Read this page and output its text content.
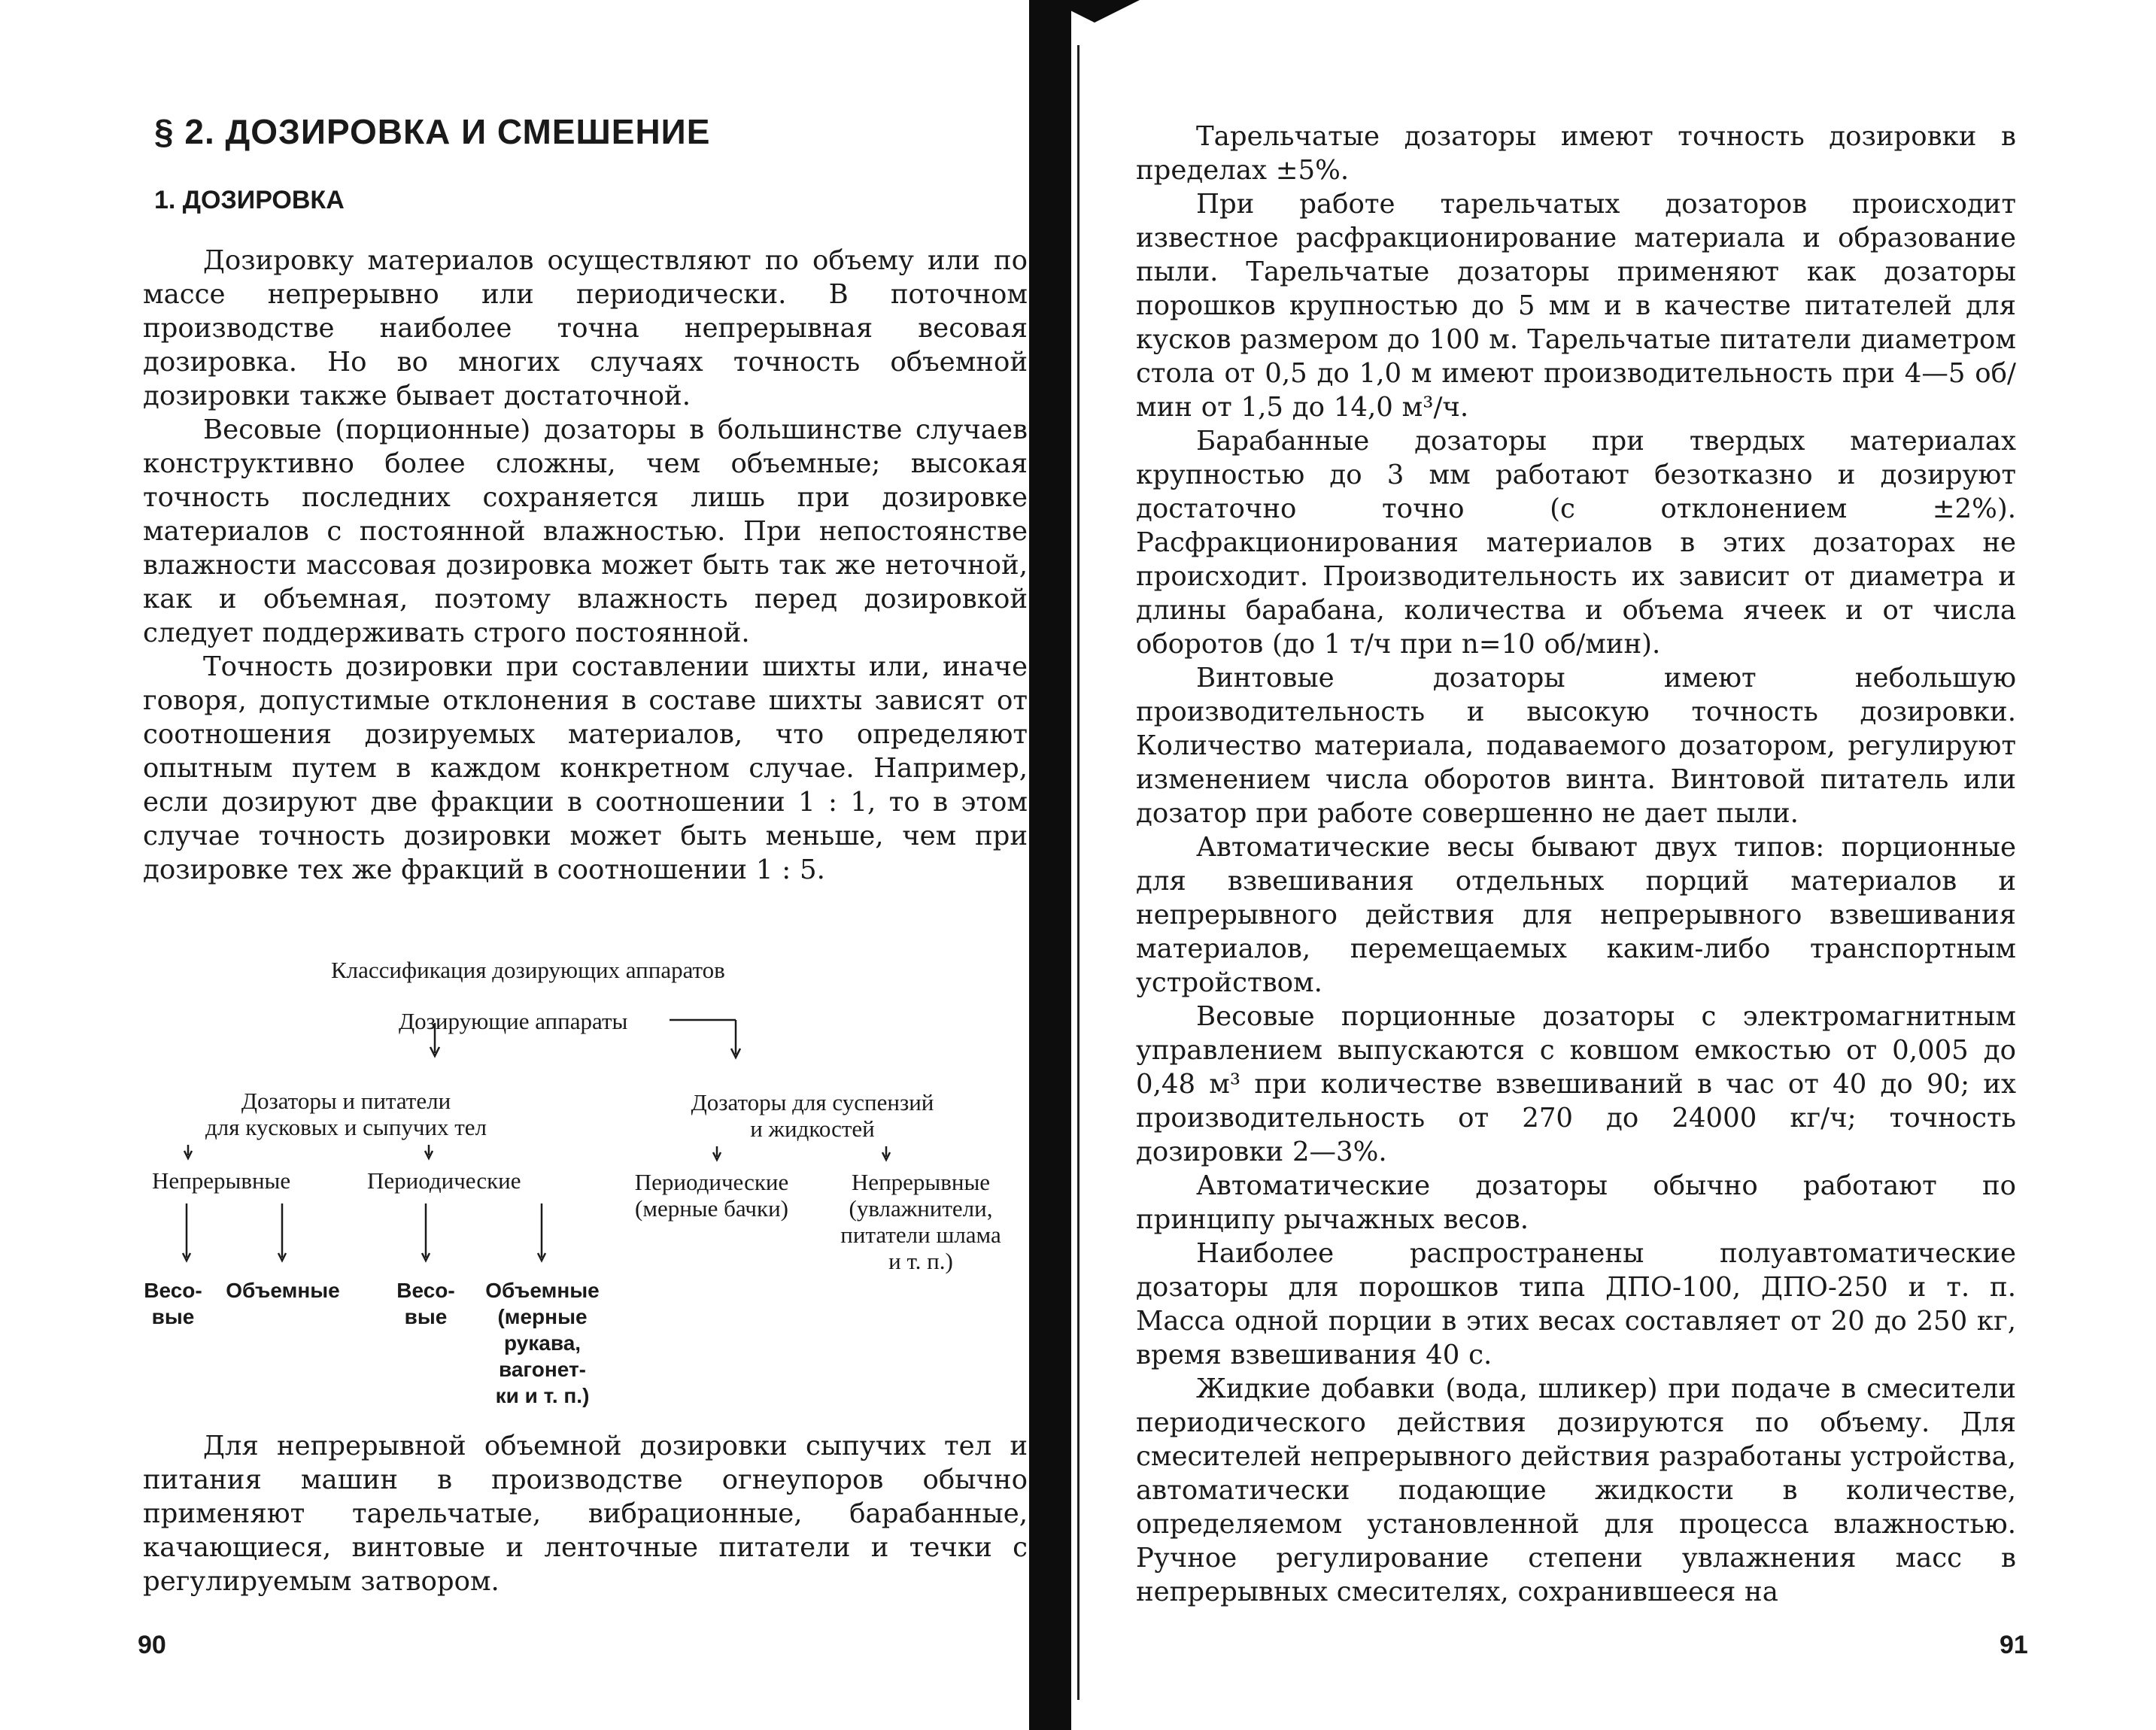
§ 2. ДОЗИРОВКА И СМЕШЕНИЕ
1. ДОЗИРОВКА

Дозировку материалов осуществляют по объему или по массе непрерывно или периодически. В поточном производстве наиболее точна непрерывная весовая дозировка. Но во многих случаях точность объемной дозировки также бывает достаточной.

Весовые (порционные) дозаторы в большинстве случаев конструктивно более сложны, чем объемные; высокая точность последних сохраняется лишь при дозировке материалов с постоянной влажностью. При непостоянстве влажности массовая дозировка может быть так же неточной, как и объемная, поэтому влажность перед дозировкой следует поддерживать строго постоянной.

Точность дозировки при составлении шихты или, иначе говоря, допустимые отклонения в составе шихты зависят от соотношения дозируемых материалов, что определяют опытным путем в каждом конкретном случае. Например, если дозируют две фракции в соотношении 1 : 1, то в этом случае точность дозировки может быть меньше, чем при дозировке тех же фракций в соотношении 1 : 5.

Классификация дозирующих аппаратов
Дозирующие аппараты
Дозаторы и питатели
для кусковых и сыпучих тел
Дозаторы для суспензий
и жидкостей
Непрерывные	Периодические	Периодические
(мерные бачки)
Непрерывные
(увлажнители,
питатели шлама
и т. п.)
Весо-
вые
Объемные	Весо-
вые
Объемные
(мерные
рукава,
вагонет-
ки и т. п.)

Для непрерывной объемной дозировки сыпучих тел и питания машин в производстве огнеупоров обычно применяют тарельчатые, вибрационные, барабанные, качающиеся, винтовые и ленточные питатели и течки с регулируемым затвором.

90

Тарельчатые дозаторы имеют точность дозировки в пределах ±5%.

При работе тарельчатых дозаторов происходит известное расфракционирование материала и образование пыли. Тарельчатые дозаторы применяют как дозаторы порошков крупностью до 5 мм и в качестве питателей для кусков размером до 100 м. Тарельчатые питатели диаметром стола от 0,5 до 1,0 м имеют производительность при 4—5 об/мин от 1,5 до 14,0 м³/ч.

Барабанные дозаторы при твердых материалах крупностью до 3 мм работают безотказно и дозируют достаточно точно (с отклонением ±2%). Расфракционирования материалов в этих дозаторах не происходит. Производительность их зависит от диаметра и длины барабана, количества и объема ячеек и от числа оборотов (до 1 т/ч при n=10 об/мин).

Винтовые дозаторы имеют небольшую производительность и высокую точность дозировки. Количество материала, подаваемого дозатором, регулируют изменением числа оборотов винта. Винтовой питатель или дозатор при работе совершенно не дает пыли.

Автоматические весы бывают двух типов: порционные для взвешивания отдельных порций материалов и непрерывного действия для непрерывного взвешивания материалов, перемещаемых каким-либо транспортным устройством.

Весовые порционные дозаторы с электромагнитным управлением выпускаются с ковшом емкостью от 0,005 до 0,48 м³ при количестве взвешиваний в час от 40 до 90; их производительность от 270 до 24000 кг/ч; точность дозировки 2—3%.

Автоматические дозаторы обычно работают по принципу рычажных весов.

Наиболее распространены полуавтоматические дозаторы для порошков типа ДПО-100, ДПО-250 и т. п. Масса одной порции в этих весах составляет от 20 до 250 кг, время взвешивания 40 с.

Жидкие добавки (вода, шликер) при подаче в смесители периодического действия дозируются по объему. Для смесителей непрерывного действия разработаны устройства, автоматически подающие жидкости в количестве, определяемом установленной для процесса влажностью. Ручное регулирование степени увлажнения масс в непрерывных смесителях, сохранившееся на

91
